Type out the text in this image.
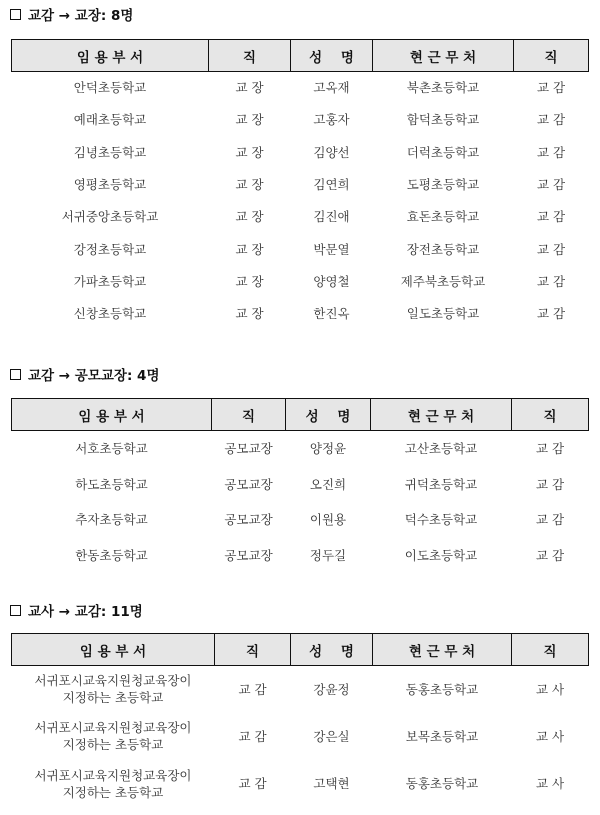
교감 → 교장: 8명
임 용 부 서	직	성 명	현 근 무 처	직
안덕초등학교	교 장	고옥재	북촌초등학교	교 감
예래초등학교	교 장	고홍자	함덕초등학교	교 감
김녕초등학교	교 장	김양선	더럭초등학교	교 감
영평초등학교	교 장	김연희	도평초등학교	교 감
서귀중앙초등학교	교 장	김진애	효돈초등학교	교 감
강정초등학교	교 장	박문열	장전초등학교	교 감
가파초등학교	교 장	양영철	제주북초등학교	교 감
신창초등학교	교 장	한진옥	일도초등학교	교 감
교감 → 공모교장: 4명
임 용 부 서	직	성 명	현 근 무 처	직
서호초등학교	공모교장	양정윤	고산초등학교	교 감
하도초등학교	공모교장	오진희	귀덕초등학교	교 감
추자초등학교	공모교장	이원용	덕수초등학교	교 감
한동초등학교	공모교장	정두길	이도초등학교	교 감
교사 → 교감: 11명
임 용 부 서	직	성 명	현 근 무 처	직

서귀포시교육지원청교육장이
지정하는 초등학교	교 감	강윤정	동홍초등학교	교 사

서귀포시교육지원청교육장이
지정하는 초등학교	교 감	강은실	보목초등학교	교 사

서귀포시교육지원청교육장이
지정하는 초등학교	교 감	고택현	동홍초등학교	교 사
